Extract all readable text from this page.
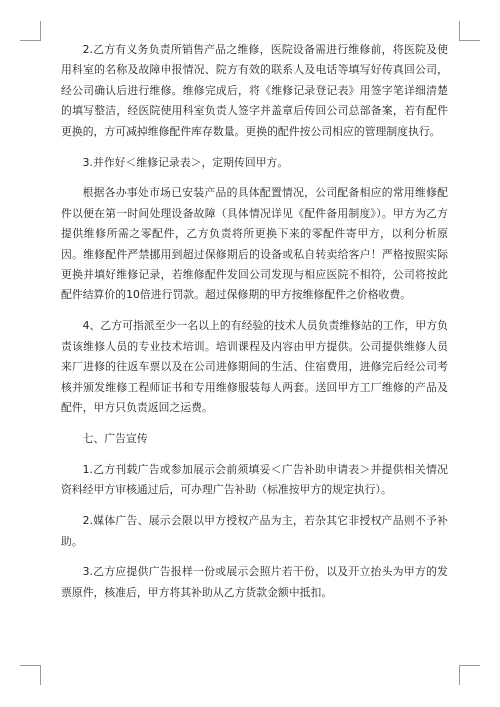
2.乙方有义务负责所销售产品之维修，医院设备需进行维修前，将医院及使用科室的名称及故障申报情况、院方有效的联系人及电话等填写好传真回公司，经公司确认后进行维修。维修完成后，将《维修记录登记表》用签字笔详细清楚的填写整洁，经医院使用科室负责人签字并盖章后传回公司总部备案，若有配件更换的，方可减掉维修配件库存数量。更换的配件按公司相应的管理制度执行。

3.并作好＜维修记录表＞，定期传回甲方。

根据各办事处市场已安装产品的具体配置情况，公司配备相应的常用维修配件以便在第一时间处理设备故障（具体情况详见《配件备用制度》）。甲方为乙方提供维修所需之零配件，乙方负责将所更换下来的零配件寄甲方，以利分析原因。维修配件严禁挪用到超过保修期后的设备或私自转卖给客户！严格按照实际更换并填好维修记录，若维修配件发回公司发现与相应医院不相符，公司将按此配件结算价的10倍进行罚款。超过保修期的甲方按维修配件之价格收费。

4、乙方可指派至少一名以上的有经验的技术人员负责维修站的工作，甲方负责该维修人员的专业技术培训。培训课程及内容由甲方提供。公司提供维修人员来厂进修的往返车票以及在公司进修期间的生活、住宿费用，进修完后经公司考核并颁发维修工程师证书和专用维修服装每人两套。送回甲方工厂维修的产品及配件，甲方只负责返回之运费。

七、广告宣传

1.乙方刊载广告或参加展示会前须填妥＜广告补助申请表＞并提供相关情况资料经甲方审核通过后，可办理广告补助（标准按甲方的规定执行）。

2.媒体广告、展示会限以甲方授权产品为主，若杂其它非授权产品则不予补助。

3.乙方应提供广告报样一份或展示会照片若干份，以及开立抬头为甲方的发票原件，核准后，甲方将其补助从乙方货款金额中抵扣。
